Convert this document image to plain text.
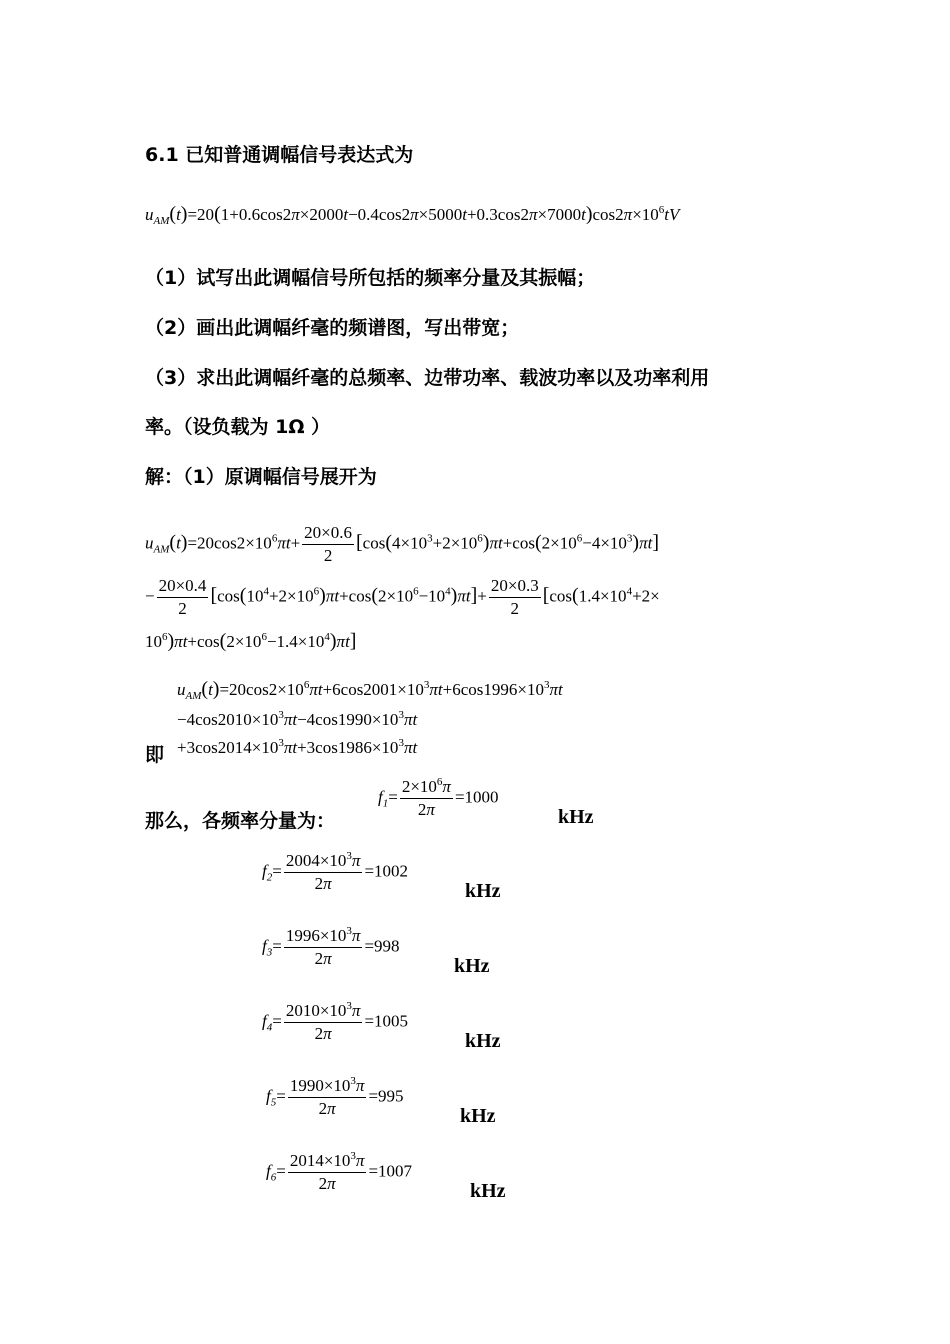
6.1 已知普通调幅信号表达式为
$u_{AM}(t)=20(1+0.6\cos 2\pi\times 2000t-0.4\cos 2\pi\times 5000t+0.3\cos 2\pi\times 7000t)\cos 2\pi\times 10^6tV$
（1）试写出此调幅信号所包括的频率分量及其振幅；
（2）画出此调幅纤毫的频谱图，写出带宽；
（3）求出此调幅纤毫的总频率、边带功率、载波功率以及功率利用
率。（设负载为 1Ω ）
解：（1）原调幅信号展开为
$u_{AM}(t)=20\cos 2\times 10^6\pi t+ \frac{20\times 0.6}{2} [\cos(4\times 10^3+2\times 10^6)\pi t+\cos(2\times 10^6-4\times 10^3)\pi t]$
− $\frac{20\times 0.4}{2} [\cos(10^4+2\times 10^6)\pi t+\cos(2\times 10^6-10^4)\pi t]+ \frac{20\times 0.3}{2} [\cos(1.4\times 10^4+2\times$
$10^6)\pi t+\cos(2\times 10^6-1.4\times 10^4)\pi t$]
$u_{AM}(t)=20\cos 2\times 10^6\pi t+6\cos 2001\times 10^3\pi t+6\cos 1996\times 10^3\pi t$
$-4\cos 2010\times 10^3\pi t-4\cos 1990\times 10^3\pi t$
即 $+3\cos 2014\times 10^3\pi t+3\cos 1986\times 10^3\pi t$
那么，各频率分量为：
$f_1= \frac{2\times 10^6\pi}{2\pi} =1000$
kHz
$f_2= \frac{2004\times 10^3\pi}{2\pi} =1002$
kHz
$f_3= \frac{1996\times 10^3\pi}{2\pi} =998$
kHz
$f_4= \frac{2010\times 10^3\pi}{2\pi} =1005$
kHz
$f_5= \frac{1990\times 10^3\pi}{2\pi} =995$
kHz
$f_6= \frac{2014\times 10^3\pi}{2\pi} =1007$
kHz
